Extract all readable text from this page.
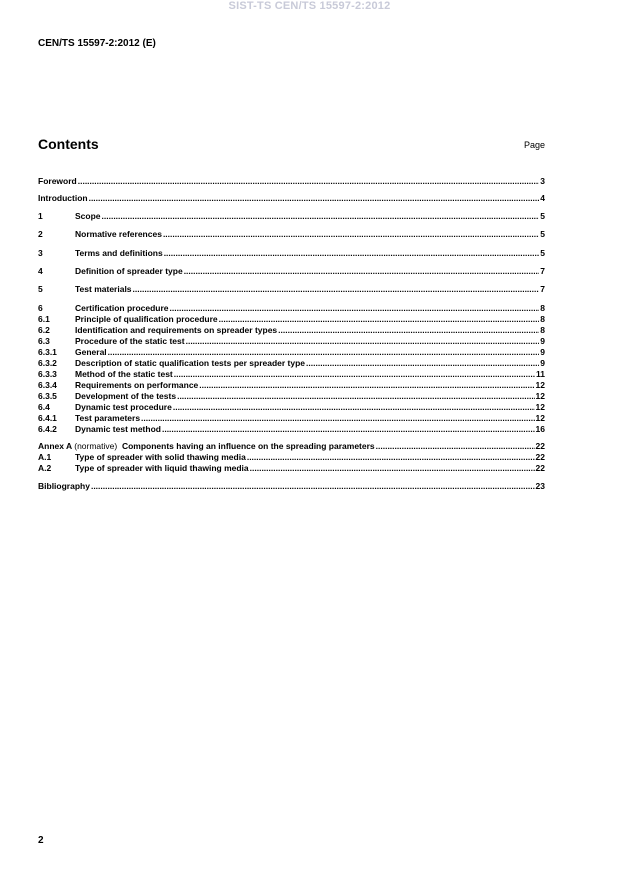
SIST-TS CEN/TS 15597-2:2012
CEN/TS 15597-2:2012 (E)
Contents	Page
Foreword .....	3
Introduction .....	4
1	Scope .....	5
2	Normative references .....	5
3	Terms and definitions .....	5
4	Definition of spreader type .....	7
5	Test materials .....	7
6	Certification procedure .....	8
6.1	Principle of qualification procedure .....	8
6.2	Identification and requirements on spreader types .....	8
6.3	Procedure of the static test .....	9
6.3.1	General .....	9
6.3.2	Description of static qualification tests per spreader type .....	9
6.3.3	Method of the static test .....	11
6.3.4	Requirements on performance .....	12
6.3.5	Development of the tests .....	12
6.4	Dynamic test procedure .....	12
6.4.1	Test parameters .....	12
6.4.2	Dynamic test method .....	16
Annex A (normative) Components having an influence on the spreading parameters .....	22
A.1	Type of spreader with solid thawing media .....	22
A.2	Type of spreader with liquid thawing media .....	22
Bibliography .....	23
2
